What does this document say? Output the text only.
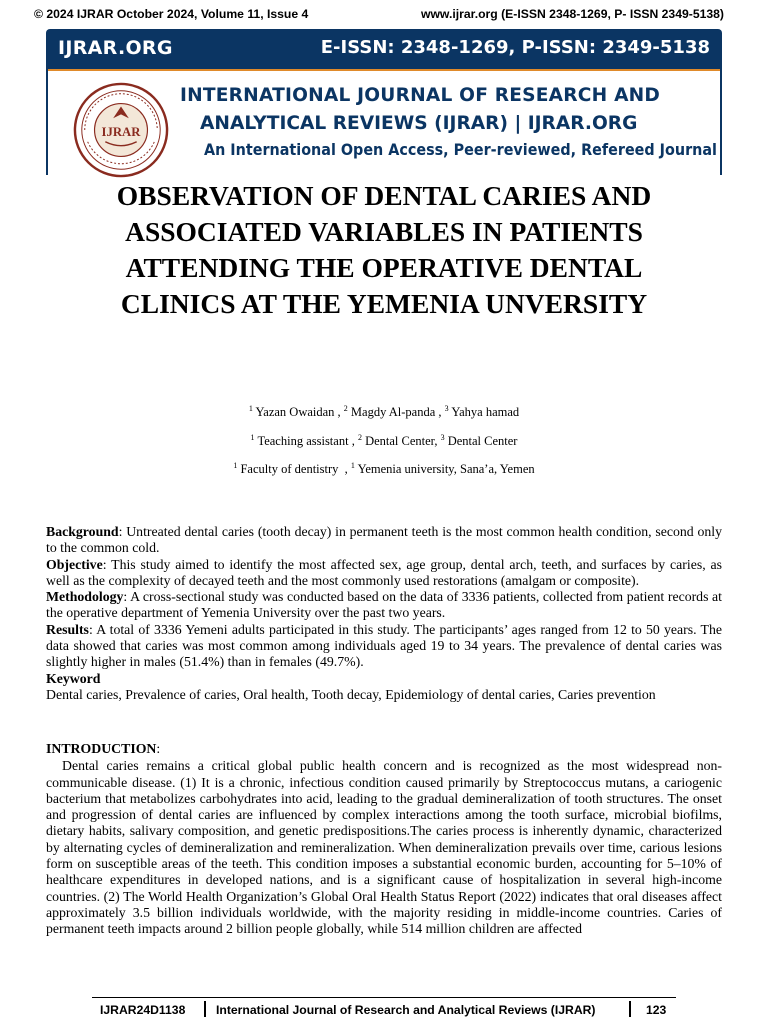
© 2024 IJRAR October 2024, Volume 11, Issue 4	www.ijrar.org (E-ISSN 2348-1269, P- ISSN 2349-5138)
IJRAR.ORG	E-ISSN: 2348-1269, P-ISSN: 2349-5138
IJRAR
INTERNATIONAL JOURNAL OF RESEARCH AND
ANALYTICAL REVIEWS (IJRAR) | IJRAR.ORG
An International Open Access, Peer-reviewed, Refereed Journal
OBSERVATION OF DENTAL CARIES AND
ASSOCIATED VARIABLES IN PATIENTS
ATTENDING THE OPERATIVE DENTAL
CLINICS AT THE YEMENIA UNVERSITY
$^1$ Yazan Owaidan , $^2$ Magdy Al-panda , $^3$ Yahya hamad
$^1$ Teaching assistant , $^2$ Dental Center, $^3$ Dental Center
$^1$ Faculty of dentistry  , $^1$ Yemenia university, Sana’a, Yemen

Background: Untreated dental caries (tooth decay) in permanent teeth is the most common health condition, second only to the common cold.

Objective: This study aimed to identify the most affected sex, age group, dental arch, teeth, and surfaces by caries, as well as the complexity of decayed teeth and the most commonly used restorations (amalgam or composite).

Methodology: A cross-sectional study was conducted based on the data of 3336 patients, collected from patient records at the operative department of Yemenia University over the past two years.

Results: A total of 3336 Yemeni adults participated in this study. The participants’ ages ranged from 12 to 50 years. The data showed that caries was most common among individuals aged 19 to 34 years. The prevalence of dental caries was slightly higher in males (51.4%) than in females (49.7%).

Keyword

Dental caries, Prevalence of caries, Oral health, Tooth decay, Epidemiology of dental caries, Caries prevention

INTRODUCTION:

Dental caries remains a critical global public health concern and is recognized as the most widespread non-communicable disease. (1) It is a chronic, infectious condition caused primarily by Streptococcus mutans, a cariogenic bacterium that metabolizes carbohydrates into acid, leading to the gradual demineralization of tooth structures. The onset and progression of dental caries are influenced by complex interactions among the tooth surface, microbial biofilms, dietary habits, salivary composition, and genetic predispositions.The caries process is inherently dynamic, characterized by alternating cycles of demineralization and remineralization. When demineralization prevails over time, carious lesions form on susceptible areas of the teeth. This condition imposes a substantial economic burden, accounting for 5–10% of healthcare expenditures in developed nations, and is a significant cause of hospitalization in several high-income countries. (2) The World Health Organization’s Global Oral Health Status Report (2022) indicates that oral diseases affect approximately 3.5 billion individuals worldwide, with the majority residing in middle-income countries. Caries of permanent teeth impacts around 2 billion people globally, while 514 million children are affected

IJRAR24D1138	International Journal of Research and Analytical Reviews (IJRAR)	123
